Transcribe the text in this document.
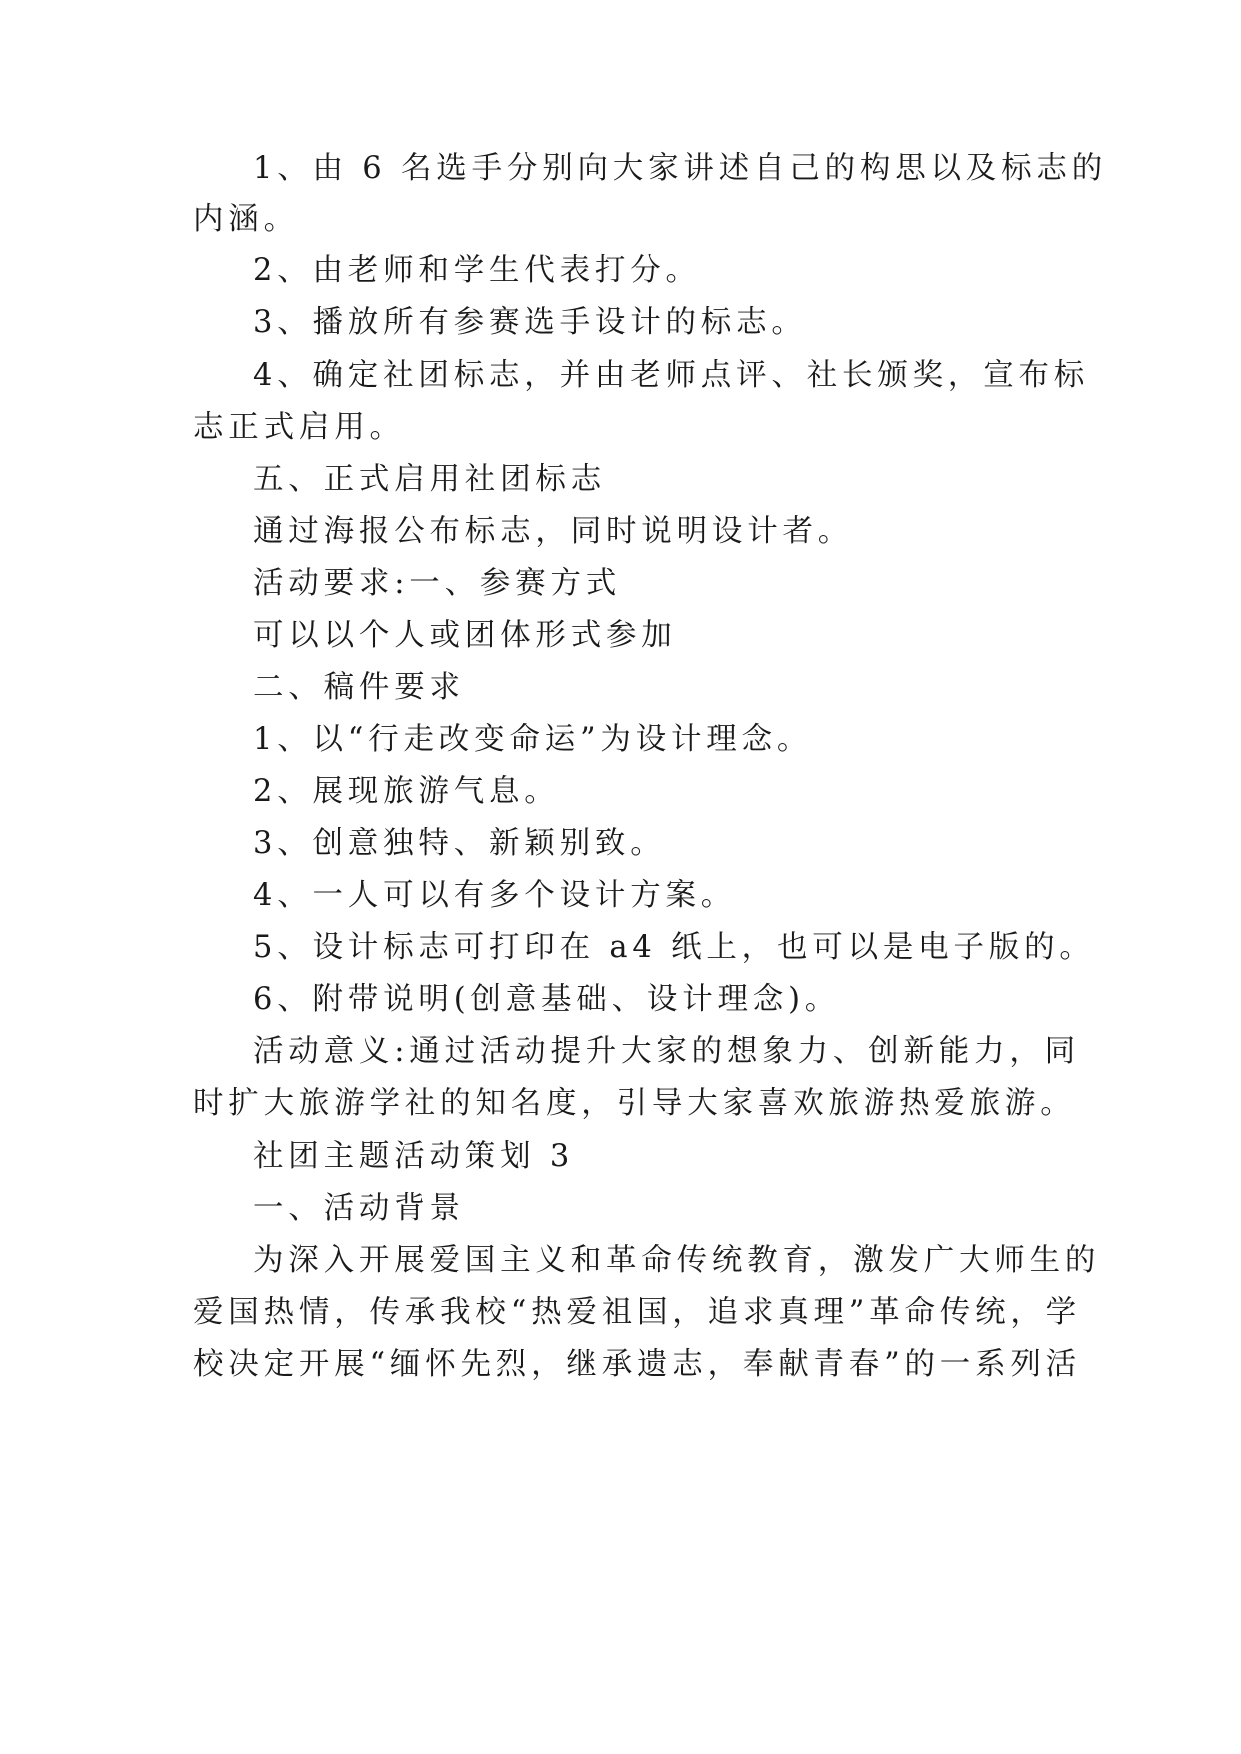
1、由 6 名选手分别向大家讲述自己的构思以及标志的
内涵。
2、由老师和学生代表打分。
3、播放所有参赛选手设计的标志。
4、确定社团标志，并由老师点评、社长颁奖，宣布标
志正式启用。
五、正式启用社团标志
通过海报公布标志，同时说明设计者。
活动要求:一、参赛方式
可以以个人或团体形式参加
二、稿件要求
1、以“行走改变命运”为设计理念。
2、展现旅游气息。
3、创意独特、新颖别致。
4、一人可以有多个设计方案。
5、设计标志可打印在 a4 纸上，也可以是电子版的。
6、附带说明(创意基础、设计理念)。
活动意义:通过活动提升大家的想象力、创新能力，同
时扩大旅游学社的知名度，引导大家喜欢旅游热爱旅游。
社团主题活动策划 3
一、活动背景
为深入开展爱国主义和革命传统教育，激发广大师生的
爱国热情，传承我校“热爱祖国，追求真理”革命传统，学
校决定开展“缅怀先烈，继承遗志，奉献青春”的一系列活
